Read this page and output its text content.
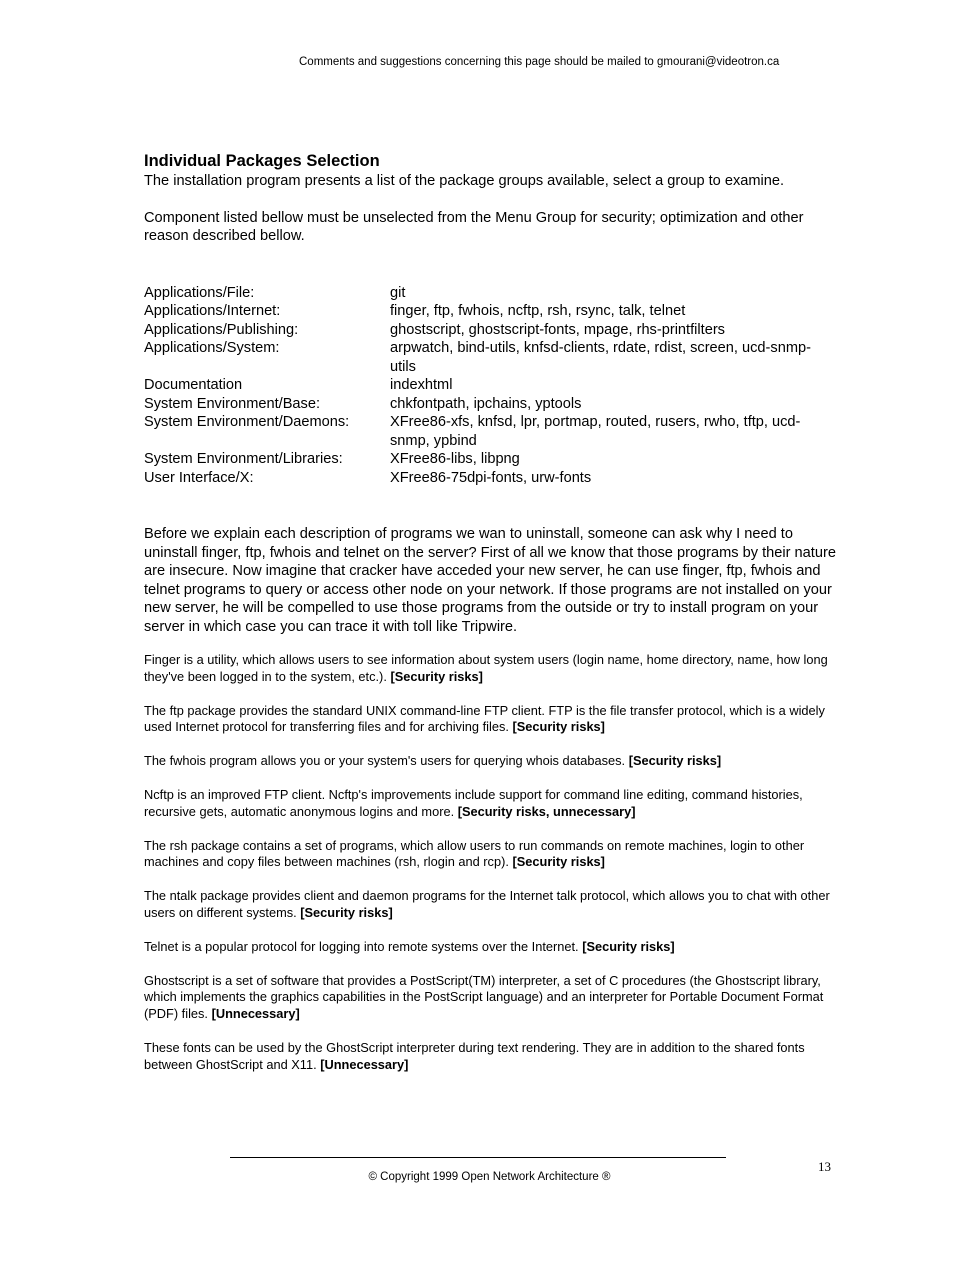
Comments and suggestions concerning this page should be mailed to gmourani@videotron.ca
Individual Packages Selection

The installation program presents a list of the package groups available, select a group to examine.

Component listed bellow must be unselected from the Menu Group for security; optimization and other reason described bellow.

Applications/File:	git
Applications/Internet:	finger, ftp, fwhois, ncftp, rsh, rsync, talk, telnet
Applications/Publishing:	ghostscript, ghostscript-fonts, mpage, rhs-printfilters
Applications/System:	arpwatch, bind-utils, knfsd-clients, rdate, rdist, screen, ucd-snmp-utils
Documentation	indexhtml
System Environment/Base:	chkfontpath, ipchains, yptools
System Environment/Daemons:	XFree86-xfs, knfsd, lpr, portmap, routed, rusers, rwho, tftp, ucd-snmp, ypbind
System Environment/Libraries:	XFree86-libs, libpng
User Interface/X:	XFree86-75dpi-fonts, urw-fonts

Before we explain each description of programs we wan to uninstall, someone can ask why I need to uninstall finger, ftp, fwhois and telnet on the server? First of all we know that those programs by their nature are insecure. Now imagine that cracker have acceded your new server, he can use finger, ftp, fwhois and telnet programs to query or access other node on your network. If those programs are not installed on your new server, he will be compelled to use those programs from the outside or try to install program on your server in which case you can trace it with toll like Tripwire.

Finger is a utility, which allows users to see information about system users (login name, home directory, name, how long they've been logged in to the system, etc.). [Security risks]

The ftp package provides the standard UNIX command-line FTP client. FTP is the file transfer protocol, which is a widely used Internet protocol for transferring files and for archiving files. [Security risks]

The fwhois program allows you or your system's users for querying whois databases. [Security risks]

Ncftp is an improved FTP client. Ncftp's improvements include support for command line editing, command histories, recursive gets, automatic anonymous logins and more. [Security risks, unnecessary]

The rsh package contains a set of programs, which allow users to run commands on remote machines, login to other machines and copy files between machines (rsh, rlogin and rcp). [Security risks]

The ntalk package provides client and daemon programs for the Internet talk protocol, which allows you to chat with other users on different systems. [Security risks]

Telnet is a popular protocol for logging into remote systems over the Internet. [Security risks]

Ghostscript is a set of software that provides a PostScript(TM) interpreter, a set of C procedures (the Ghostscript library, which implements the graphics capabilities in the PostScript language) and an interpreter for Portable Document Format (PDF) files. [Unnecessary]

These fonts can be used by the GhostScript interpreter during text rendering. They are in addition to the shared fonts between GhostScript and X11. [Unnecessary]

13
© Copyright 1999 Open Network Architecture ®
